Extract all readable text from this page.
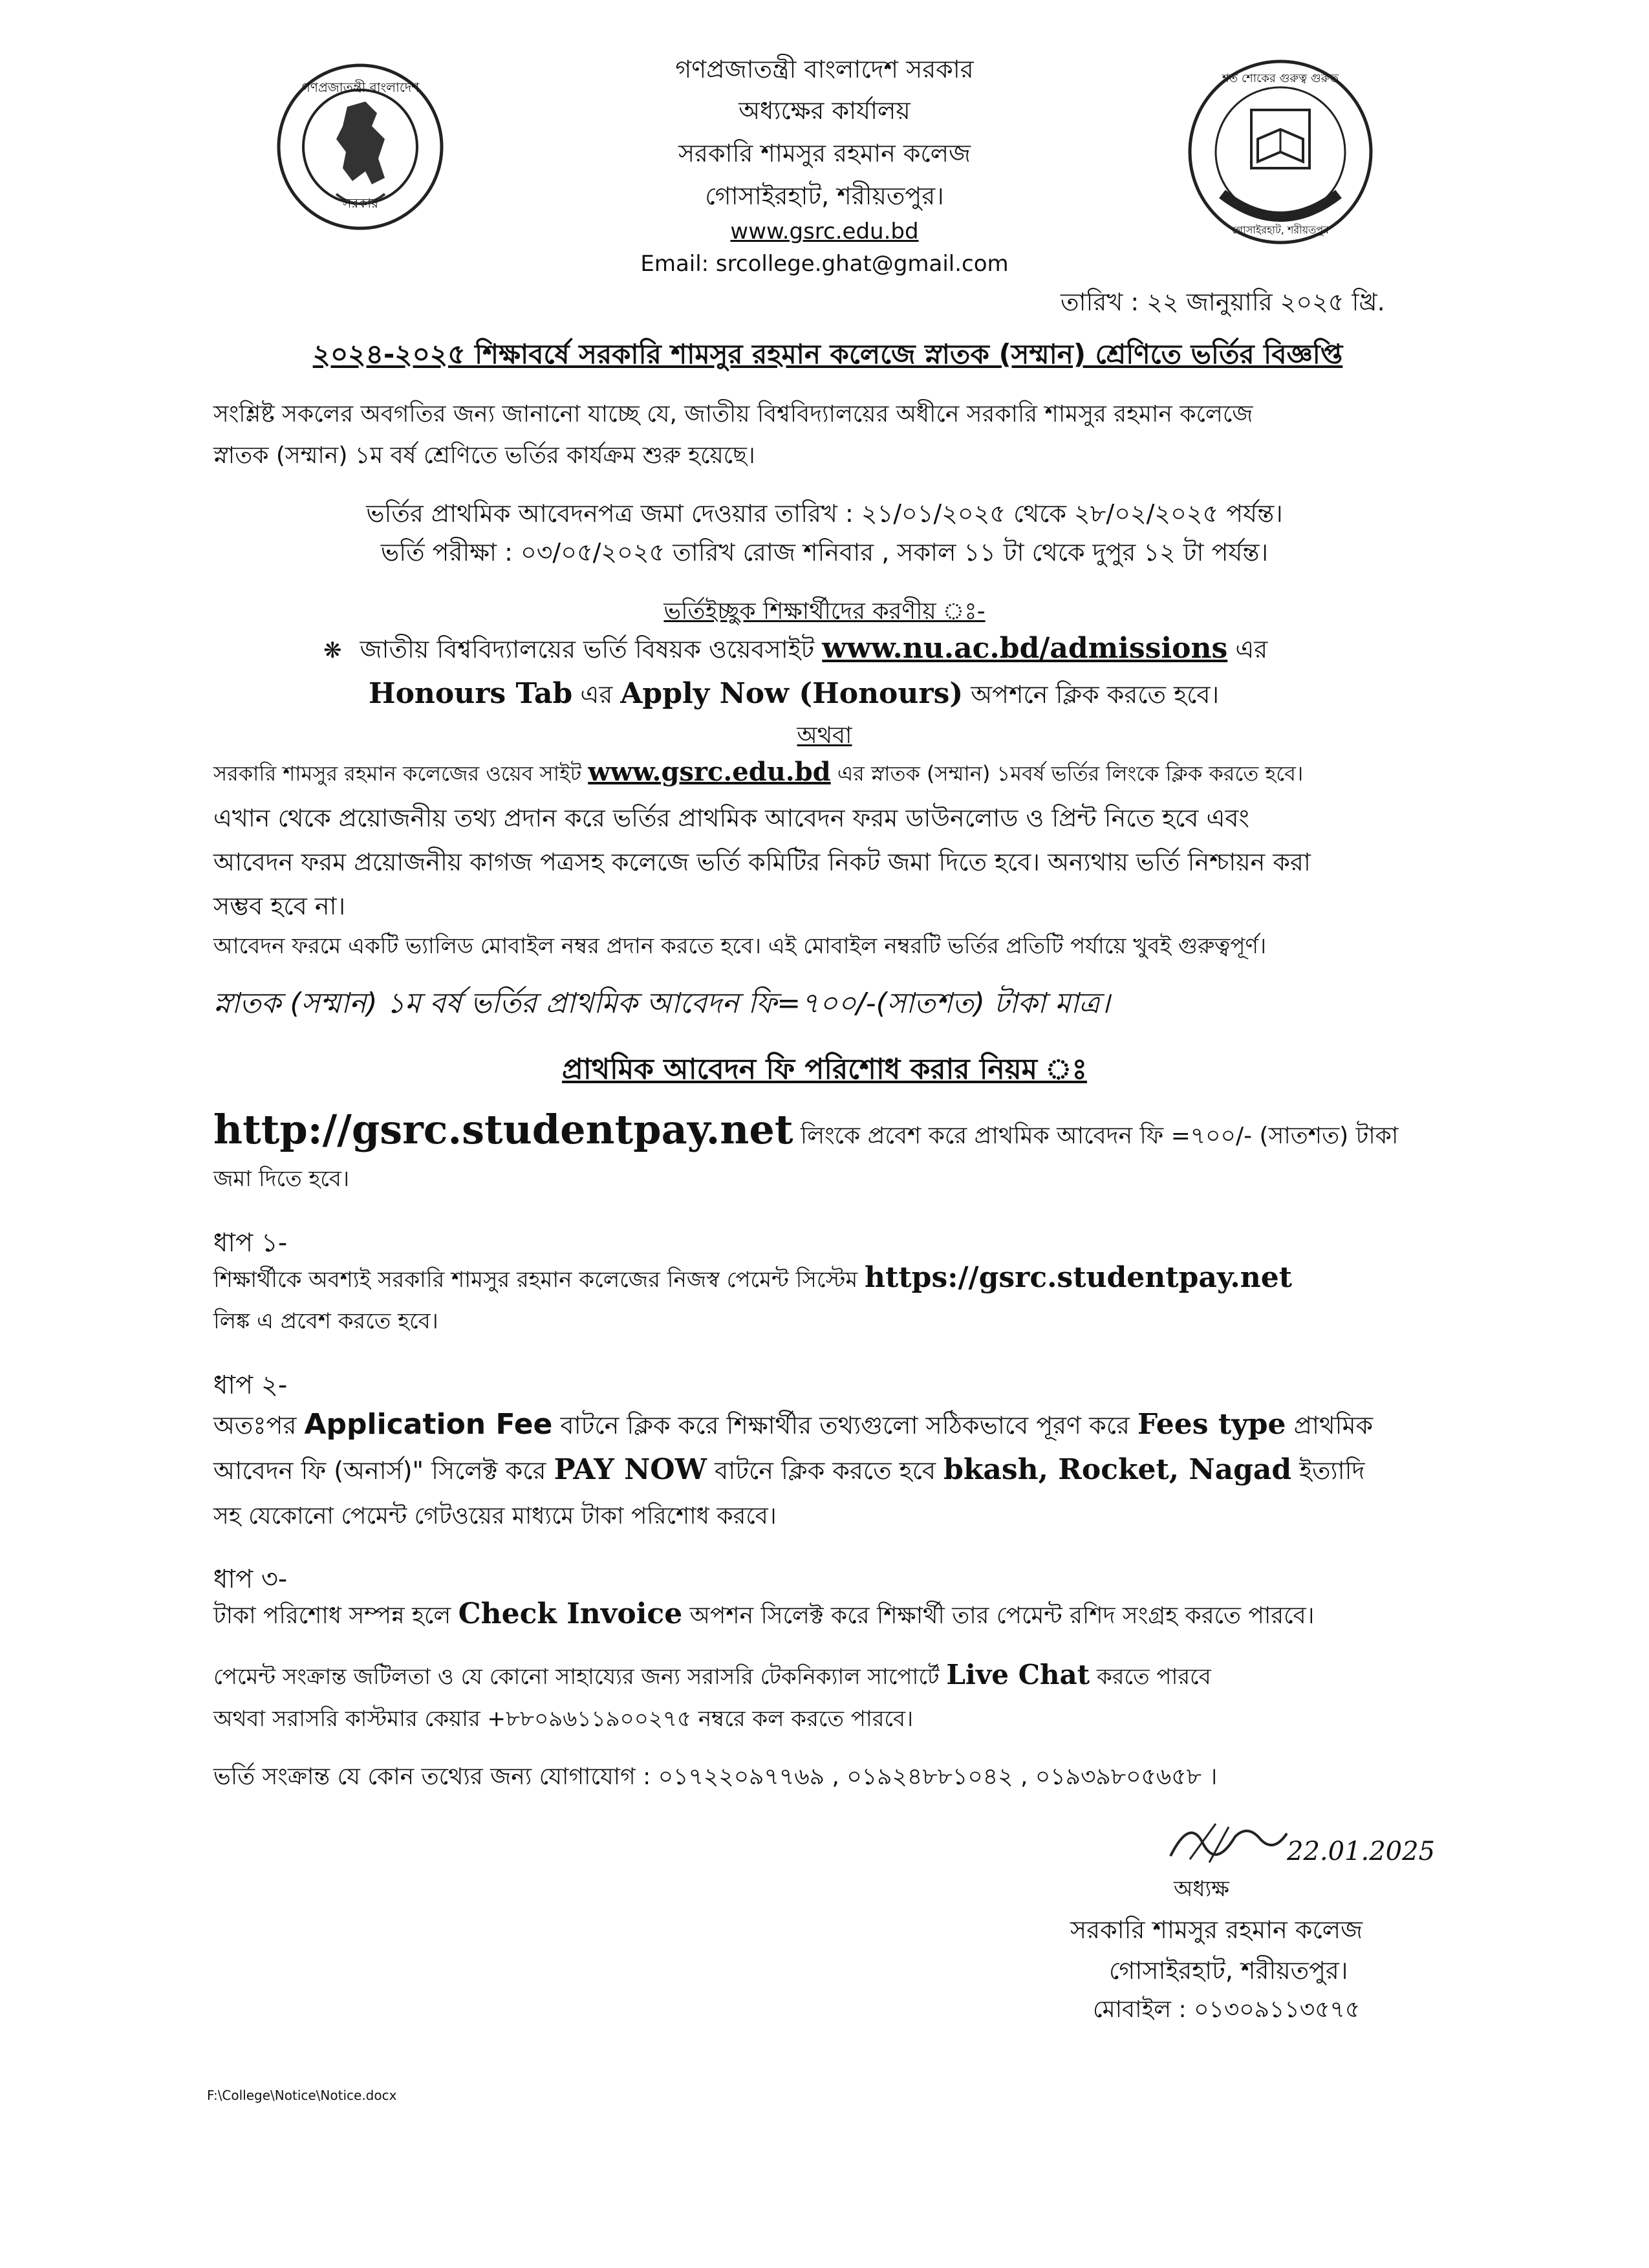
গণপ্রজাতন্ত্রী বাংলাদেশ
সরকার
শত শোকের গুরুত্ব গুরুত
গোসাইরহাট, শরীয়তপুর
গণপ্রজাতন্ত্রী বাংলাদেশ সরকার
অধ্যক্ষের কার্যালয়
সরকারি শামসুর রহমান কলেজ
গোসাইরহাট, শরীয়তপুর।
www.gsrc.edu.bd
Email: srcollege.ghat@gmail.com
তারিখ : ২২ জানুয়ারি ২০২৫ খ্রি.
২০২৪-২০২৫ শিক্ষাবর্ষে সরকারি শামসুর রহমান কলেজে স্নাতক (সম্মান) শ্রেণিতে ভর্তির বিজ্ঞপ্তি
সংশ্লিষ্ট সকলের অবগতির জন্য জানানো যাচ্ছে যে, জাতীয় বিশ্ববিদ্যালয়ের অধীনে সরকারি শামসুর রহমান কলেজে
স্নাতক (সম্মান) ১ম বর্ষ শ্রেণিতে ভর্তির কার্যক্রম শুরু হয়েছে।
ভর্তির প্রাথমিক আবেদনপত্র জমা দেওয়ার তারিখ : ২১/০১/২০২৫ থেকে ২৮/০২/২০২৫ পর্যন্ত।
ভর্তি পরীক্ষা : ০৩/০৫/২০২৫ তারিখ রোজ শনিবার , সকাল ১১ টা থেকে দুপুর ১২ টা পর্যন্ত।
ভর্তিইচ্ছুক শিক্ষার্থীদের করণীয় ঃ-
❋ জাতীয় বিশ্ববিদ্যালয়ের ভর্তি বিষয়ক ওয়েবসাইট www.nu.ac.bd/admissions এর
Honours Tab এর Apply Now (Honours) অপশনে ক্লিক করতে হবে।
অথবা
সরকারি শামসুর রহমান কলেজের ওয়েব সাইট www.gsrc.edu.bd এর স্নাতক (সম্মান) ১মবর্ষ ভর্তির লিংকে ক্লিক করতে হবে।
এখান থেকে প্রয়োজনীয় তথ্য প্রদান করে ভর্তির প্রাথমিক আবেদন ফরম ডাউনলোড ও প্রিন্ট নিতে হবে এবং
আবেদন ফরম প্রয়োজনীয় কাগজ পত্রসহ কলেজে ভর্তি কমিটির নিকট জমা দিতে হবে। অন্যথায় ভর্তি নিশ্চায়ন করা
সম্ভব হবে না।
আবেদন ফরমে একটি ভ্যালিড মোবাইল নম্বর প্রদান করতে হবে। এই মোবাইল নম্বরটি ভর্তির প্রতিটি পর্যায়ে খুবই গুরুত্বপূর্ণ।
স্নাতক (সম্মান) ১ম বর্ষ ভর্তির প্রাথমিক আবেদন ফি=৭০০/-(সাতশত) টাকা মাত্র।
প্রাথমিক আবেদন ফি পরিশোধ করার নিয়ম ঃ
http://gsrc.studentpay.net লিংকে প্রবেশ করে প্রাথমিক আবেদন ফি =৭০০/- (সাতশত) টাকা
জমা দিতে হবে।
ধাপ ১-
শিক্ষার্থীকে অবশ্যই সরকারি শামসুর রহমান কলেজের নিজস্ব পেমেন্ট সিস্টেম https://gsrc.studentpay.net
লিঙ্ক এ প্রবেশ করতে হবে।
ধাপ ২-
অতঃপর Application Fee বাটনে ক্লিক করে শিক্ষার্থীর তথ্যগুলো সঠিকভাবে পূরণ করে Fees type প্রাথমিক
আবেদন ফি (অনার্স)" সিলেক্ট করে PAY NOW বাটনে ক্লিক করতে হবে bkash, Rocket, Nagad ইত্যাদি
সহ যেকোনো পেমেন্ট গেটওয়ের মাধ্যমে টাকা পরিশোধ করবে।
ধাপ ৩-
টাকা পরিশোধ সম্পন্ন হলে Check Invoice অপশন সিলেক্ট করে শিক্ষার্থী তার পেমেন্ট রশিদ সংগ্রহ করতে পারবে।
পেমেন্ট সংক্রান্ত জটিলতা ও যে কোনো সাহায্যের জন্য সরাসরি টেকনিক্যাল সাপোর্টে Live Chat করতে পারবে
অথবা সরাসরি কাস্টমার কেয়ার +৮৮০৯৬১১৯০০২৭৫ নম্বরে কল করতে পারবে।
ভর্তি সংক্রান্ত যে কোন তথ্যের জন্য যোগাযোগ : ০১৭২২০৯৭৭৬৯ , ০১৯২৪৮৮১০৪২ , ০১৯৩৯৮০৫৬৫৮ ।
22.01.2025
অধ্যক্ষ
সরকারি শামসুর রহমান কলেজ
গোসাইরহাট, শরীয়তপুর।
মোবাইল : ০১৩০৯১১৩৫৭৫
F:\College\Notice\Notice.docx
